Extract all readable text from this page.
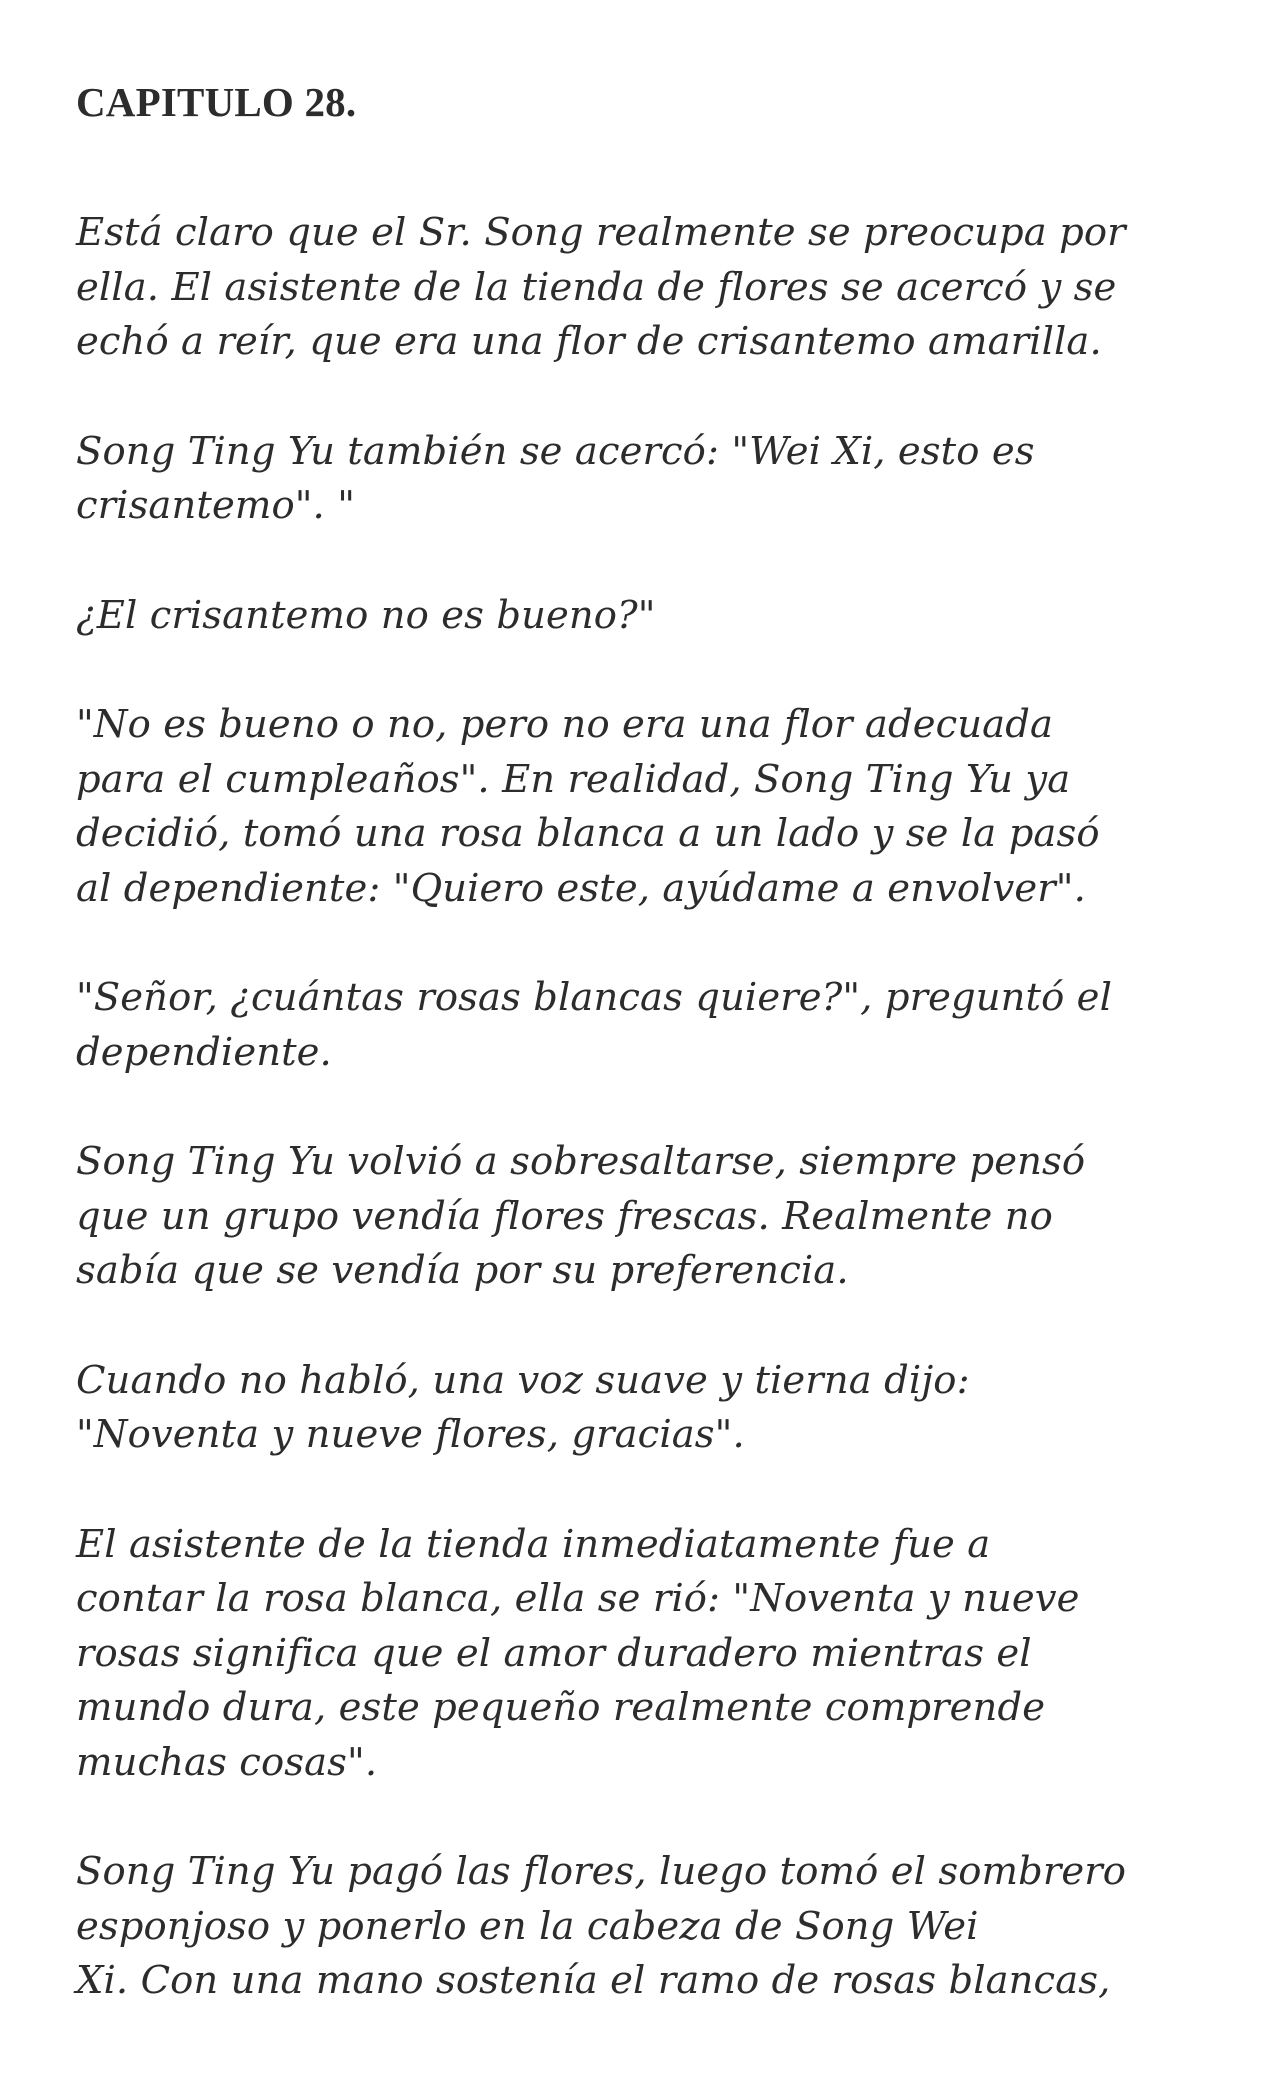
CAPITULO 28.
Está claro que el Sr. Song realmente se preocupa por
ella. El asistente de la tienda de flores se acercó y se
echó a reír, que era una flor de crisantemo amarilla.
Song Ting Yu también se acercó: "Wei Xi, esto es
crisantemo". "
¿El crisantemo no es bueno?"
"No es bueno o no, pero no era una flor adecuada
para el cumpleaños". En realidad, Song Ting Yu ya
decidió, tomó una rosa blanca a un lado y se la pasó
al dependiente: "Quiero este, ayúdame a envolver".
"Señor, ¿cuántas rosas blancas quiere?", preguntó el
dependiente.
Song Ting Yu volvió a sobresaltarse, siempre pensó
que un grupo vendía flores frescas. Realmente no
sabía que se vendía por su preferencia.
Cuando no habló, una voz suave y tierna dijo:
"Noventa y nueve flores, gracias".
El asistente de la tienda inmediatamente fue a
contar la rosa blanca, ella se rió: "Noventa y nueve
rosas significa que el amor duradero mientras el
mundo dura, este pequeño realmente comprende
muchas cosas".
Song Ting Yu pagó las flores, luego tomó el sombrero
esponjoso y ponerlo en la cabeza de Song Wei
Xi. Con una mano sostenía el ramo de rosas blancas,
